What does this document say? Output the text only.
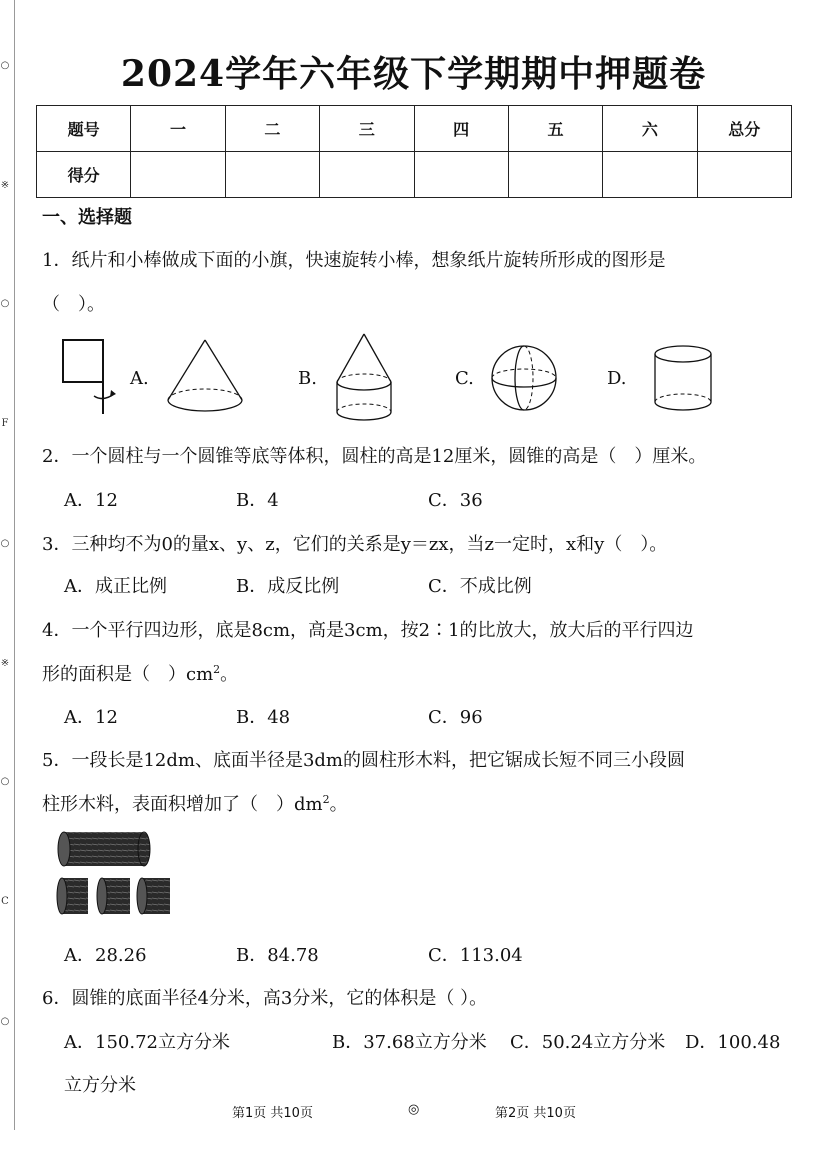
○
※
○
F
○
※
○
C
○
2024学年六年级下学期期中押题卷
题号	一	二	三	四	五	六	总分
得分							
一、选择题
1．纸片和小棒做成下面的小旗，快速旋转小棒，想象纸片旋转所形成的图形是
（　）。
A.	B.	C.	D.
2．一个圆柱与一个圆锥等底等体积，圆柱的高是12厘米，圆锥的高是（　）厘米。
A．12	B．4	C．36
3．三种均不为0的量x、y、z，它们的关系是y＝zx，当z一定时，x和y（　）。
A．成正比例	B．成反比例	C．不成比例
4．一个平行四边形，底是8cm，高是3cm，按2∶1的比放大，放大后的平行四边
形的面积是（　）$cm^2$。
A．12	B．48	C．96
5．一段长是12dm、底面半径是3dm的圆柱形木料，把它锯成长短不同三小段圆
柱形木料，表面积增加了（　）$dm^2$。
A．28.26	B．84.78	C．113.04
6．圆锥的底面半径4分米，高3分米，它的体积是（ ）。
A．150.72立方分米	B．37.68立方分米 C．50.24立方分米 D．100.48
立方分米
第1页 共10页	◎	第2页 共10页
